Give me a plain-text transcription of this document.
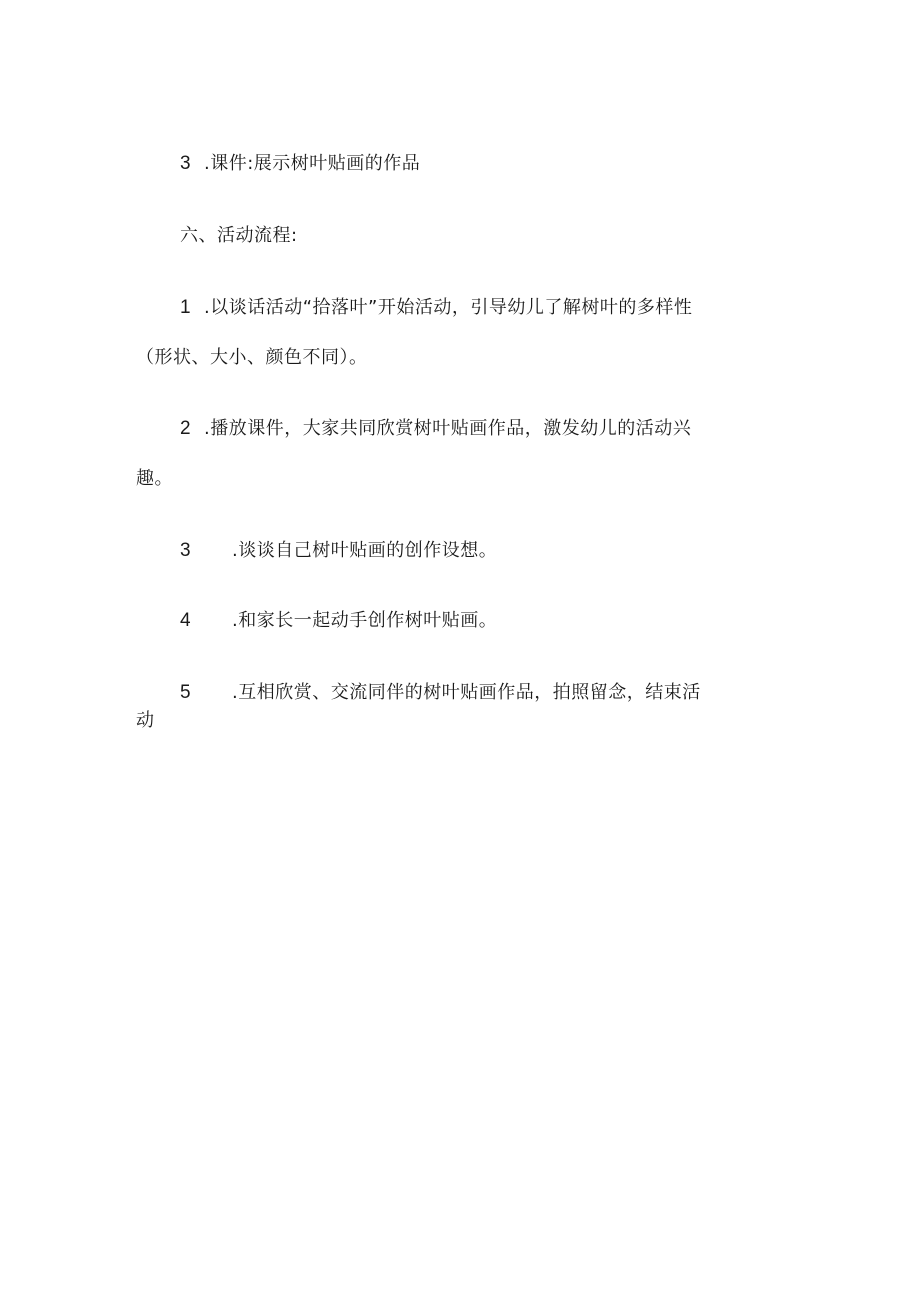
3 .课件:展示树叶贴画的作品
六、活动流程:
1 .以谈话活动“拾落叶”开始活动，引导幼儿了解树叶的多样性
（形状、大小、颜色不同）。
2 .播放课件，大家共同欣赏树叶贴画作品，激发幼儿的活动兴
趣。
3 .谈谈自己树叶贴画的创作设想。
4 .和家长一起动手创作树叶贴画。
5 .互相欣赏、交流同伴的树叶贴画作品，拍照留念，结束活
动
